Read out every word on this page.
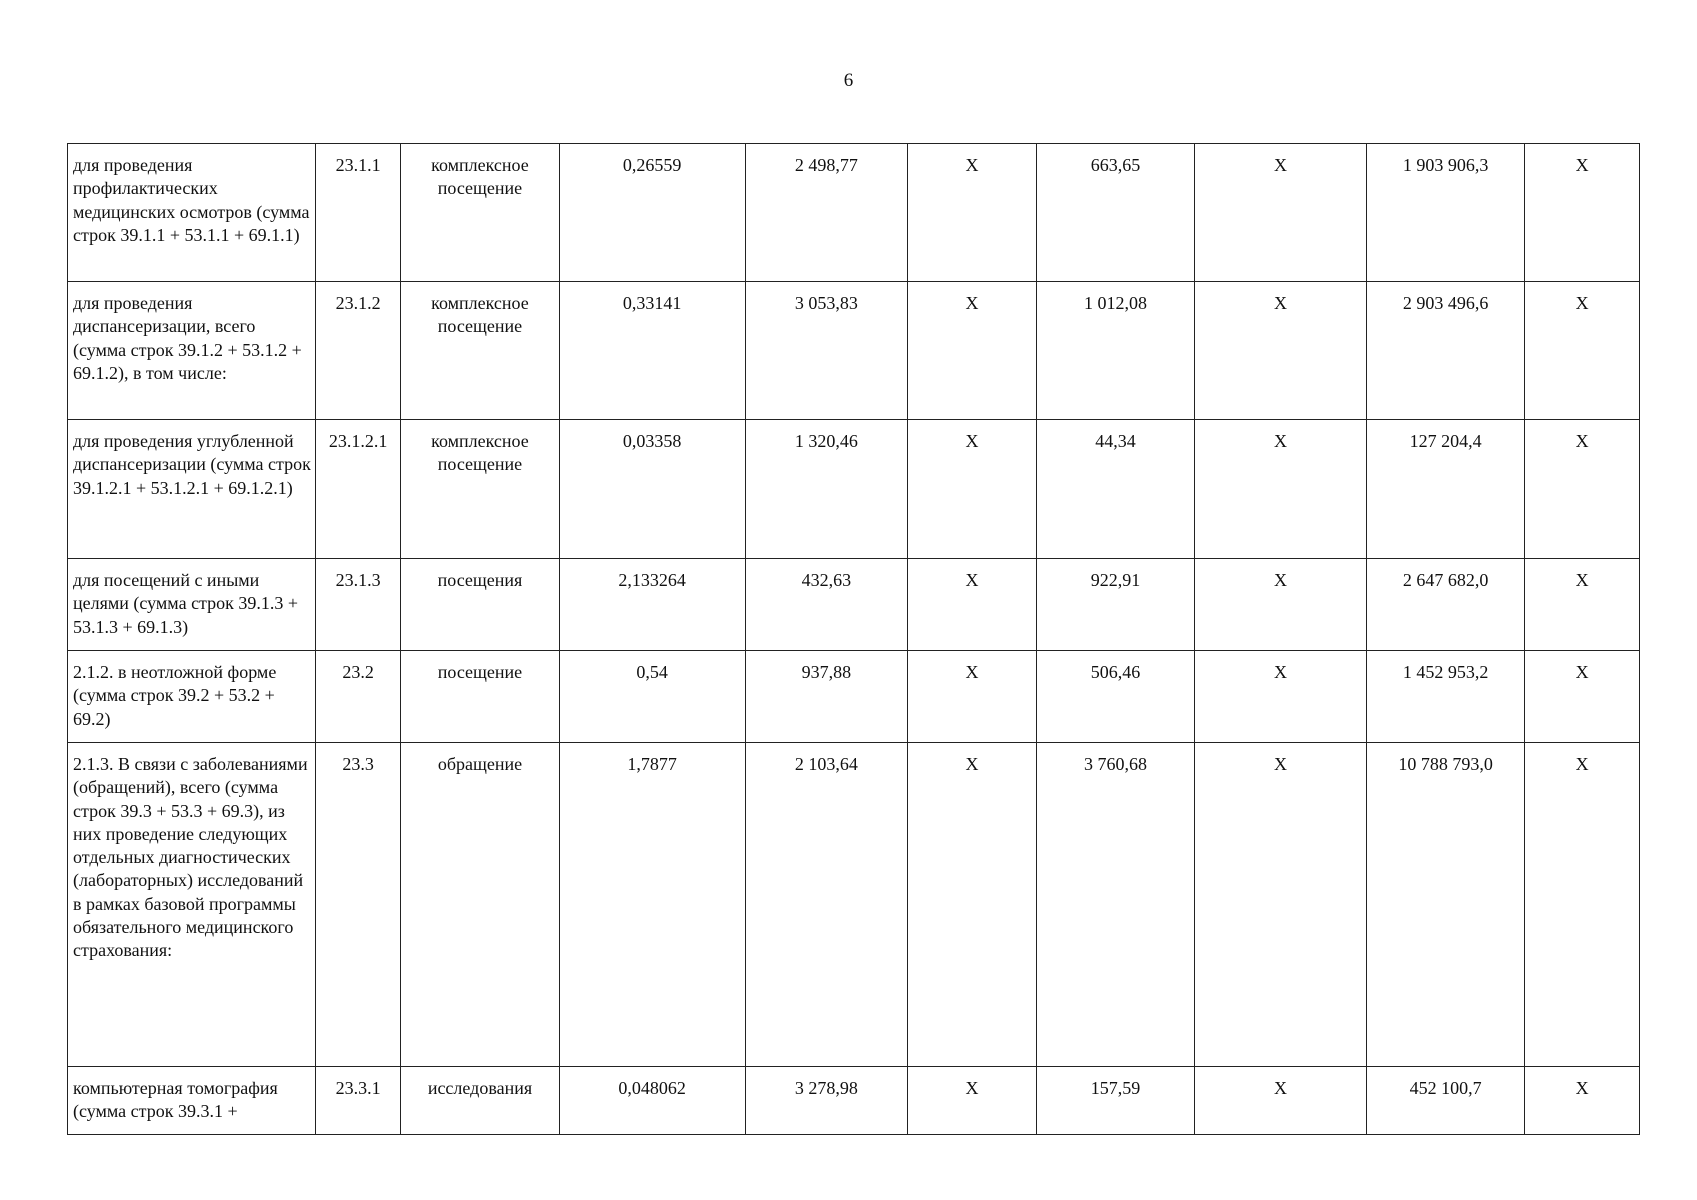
6
для проведения профилактических медицинских осмотров (сумма строк 39.1.1 + 53.1.1 + 69.1.1)	23.1.1	комплексное посещение	0,26559	2 498,77	X	663,65	X	1 903 906,3	X
для проведения диспансеризации, всего (сумма строк 39.1.2 + 53.1.2 + 69.1.2), в том числе:	23.1.2	комплексное посещение	0,33141	3 053,83	X	1 012,08	X	2 903 496,6	X
для проведения углубленной диспансеризации (сумма строк 39.1.2.1 + 53.1.2.1 + 69.1.2.1)	23.1.2.1	комплексное посещение	0,03358	1 320,46	X	44,34	X	127 204,4	X
для посещений с иными целями (сумма строк 39.1.3 + 53.1.3 + 69.1.3)	23.1.3	посещения	2,133264	432,63	X	922,91	X	2 647 682,0	X
2.1.2. в неотложной форме (сумма строк 39.2 + 53.2 + 69.2)	23.2	посещение	0,54	937,88	X	506,46	X	1 452 953,2	X
2.1.3. В связи с заболеваниями (обращений), всего (сумма строк 39.3 + 53.3 + 69.3), из них проведение следующих отдельных диагностических (лабораторных) исследований в рамках базовой программы обязательного медицинского страхования:	23.3	обращение	1,7877	2 103,64	X	3 760,68	X	10 788 793,0	X
компьютерная томография (сумма строк 39.3.1 +	23.3.1	исследования	0,048062	3 278,98	X	157,59	X	452 100,7	X
